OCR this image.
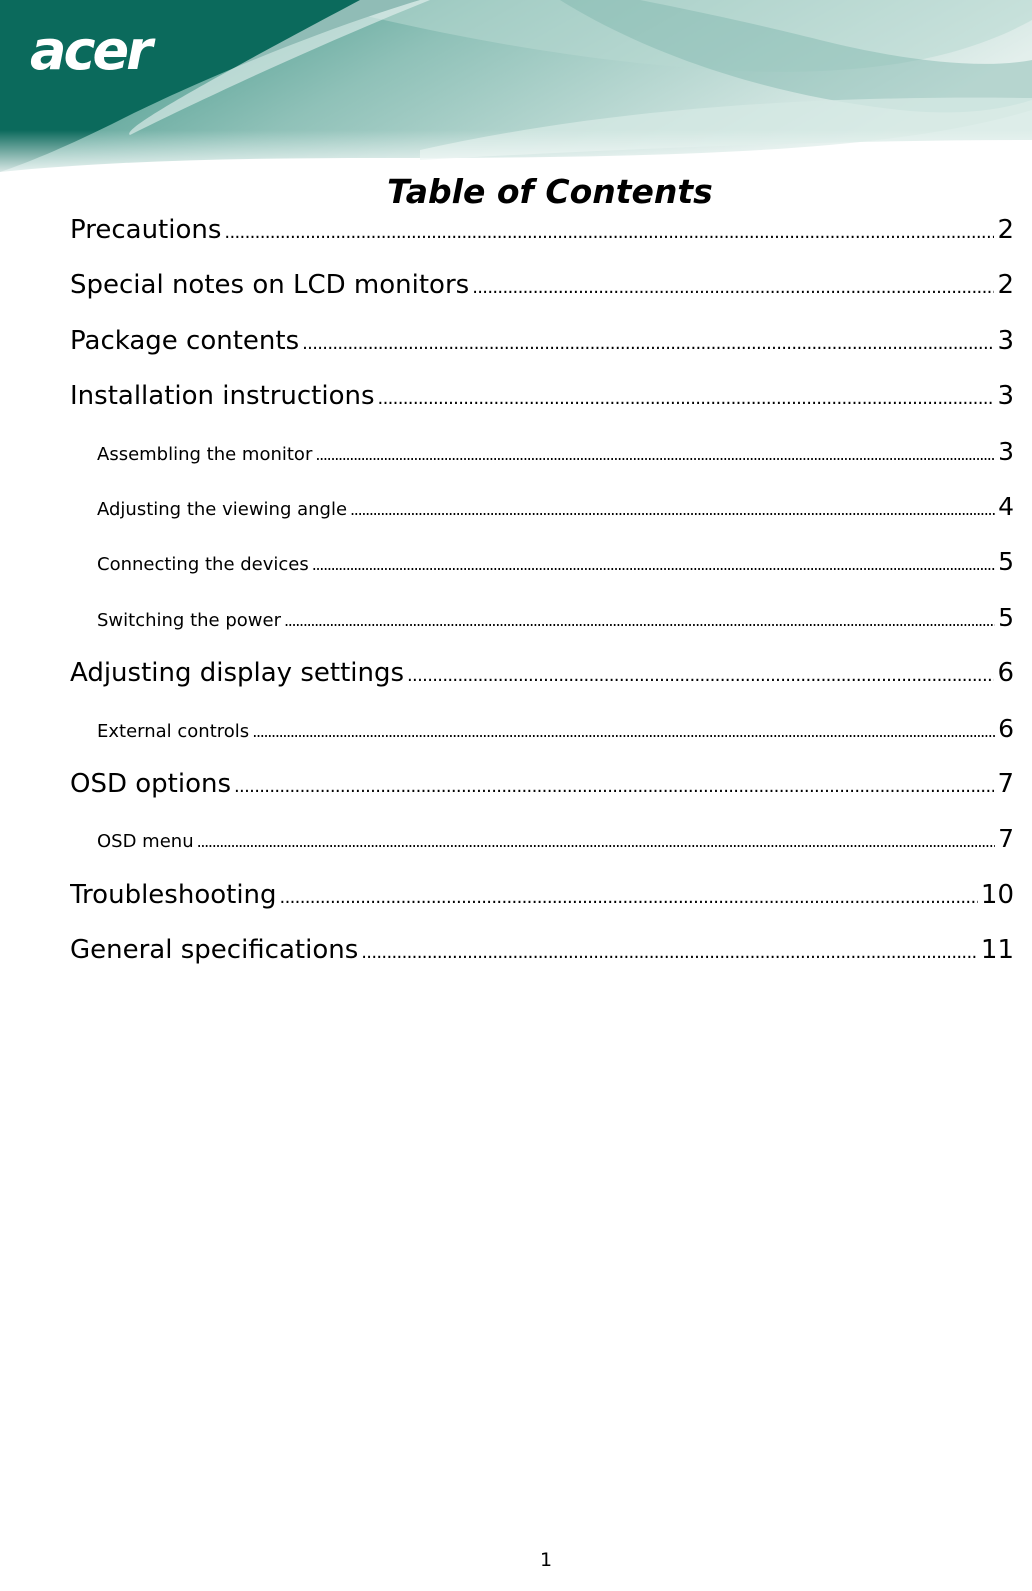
acer
Table of Contents
Precautions . . .	2
Special notes on LCD monitors . . .	2
Package contents . . .	3
Installation instructions . . .	3
Assembling the monitor . . .	3
Adjusting the viewing angle . . .	4
Connecting the devices . . .	5
Switching the power . . .	5
Adjusting display settings . . .	6
External controls . . .	6
OSD options . . .	7
OSD menu . . .	7
Troubleshooting . . .	10
General specifications . . .	11
1
